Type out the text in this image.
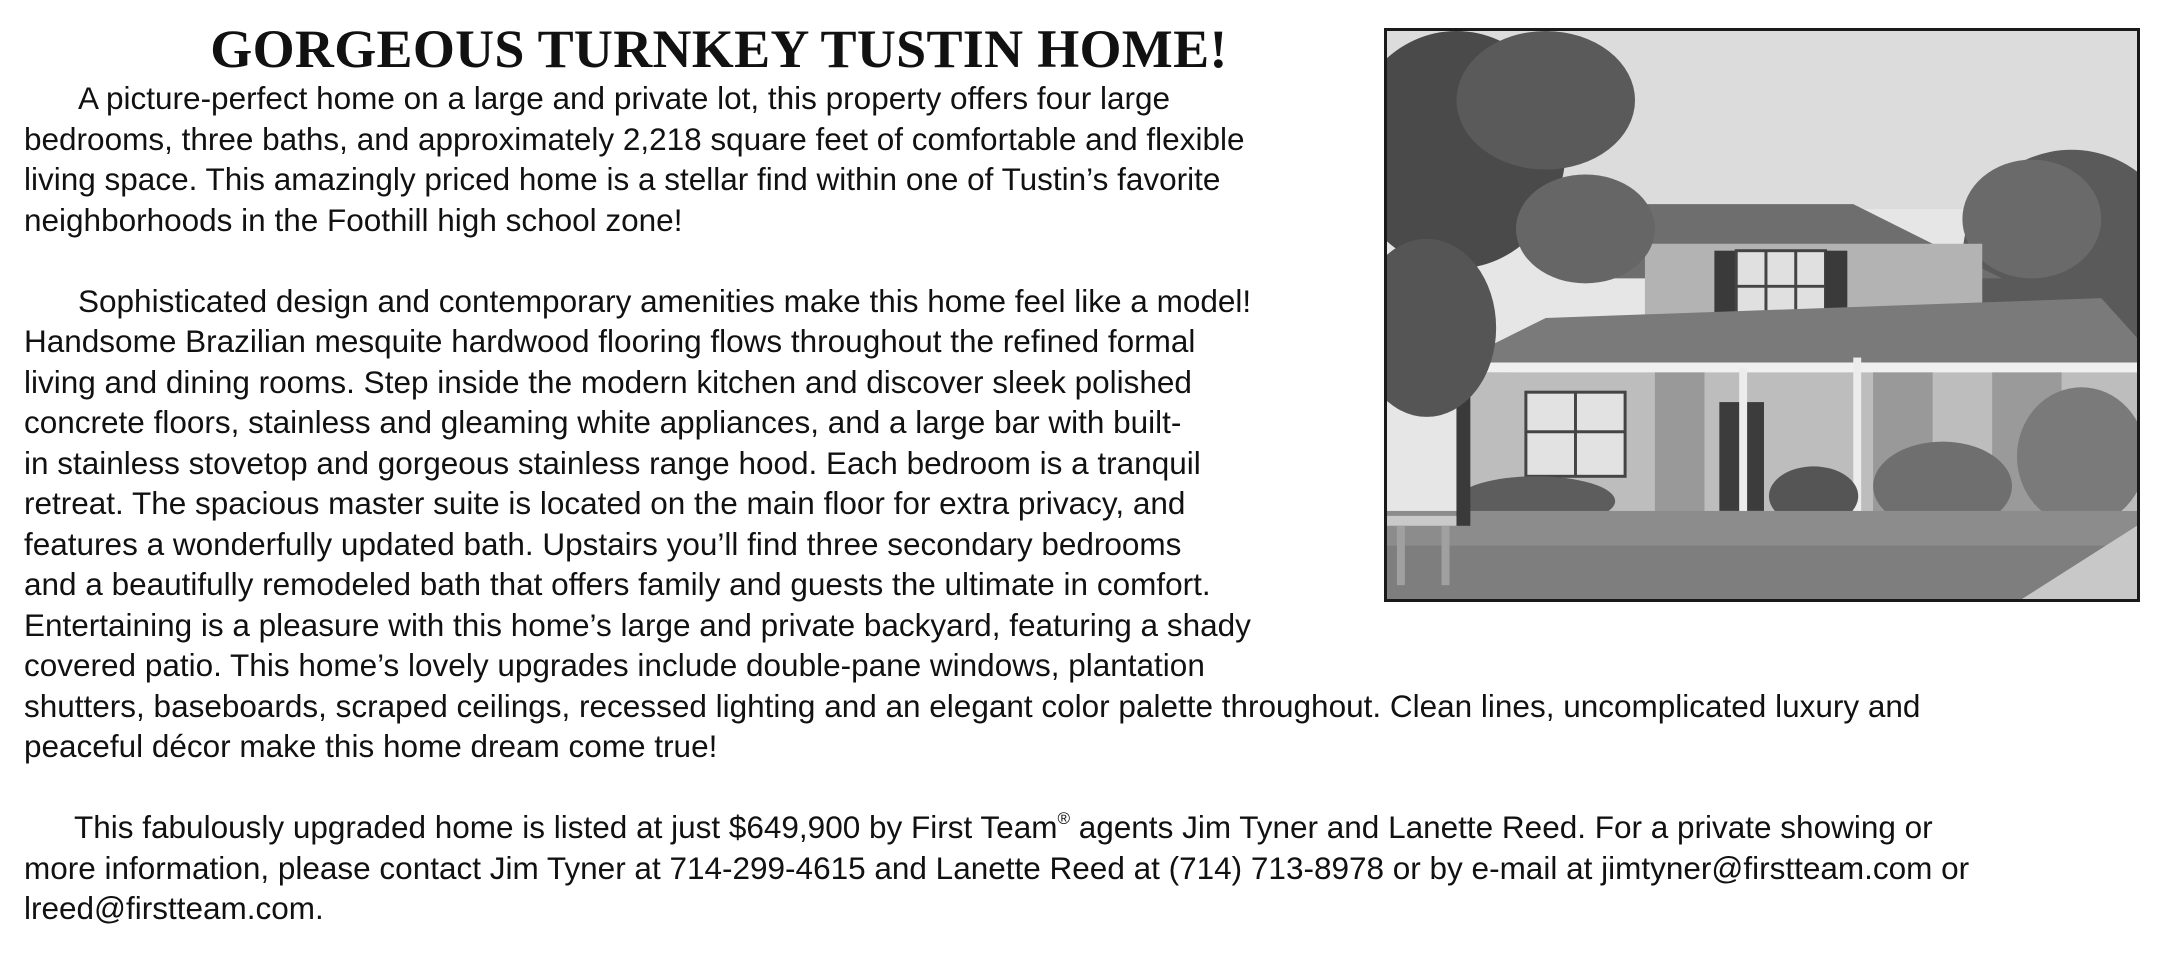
GORGEOUS TURNKEY TUSTIN HOME!

A picture-perfect home on a large and private lot, this property offers four large
bedrooms, three baths, and approximately 2,218 square feet of comfortable and flexible
living space. This amazingly priced home is a stellar find within one of Tustin’s favorite
neighborhoods in the Foothill high school zone!

Sophisticated design and contemporary amenities make this home feel like a model!
Handsome Brazilian mesquite hardwood flooring flows throughout the refined formal
living and dining rooms. Step inside the modern kitchen and discover sleek polished
concrete floors, stainless and gleaming white appliances, and a large bar with built-
in stainless stovetop and gorgeous stainless range hood. Each bedroom is a tranquil
retreat. The spacious master suite is located on the main floor for extra privacy, and
features a wonderfully updated bath. Upstairs you’ll find three secondary bedrooms
and a beautifully remodeled bath that offers family and guests the ultimate in comfort.
Entertaining is a pleasure with this home’s large and private backyard, featuring a shady
covered patio. This home’s lovely upgrades include double-pane windows, plantation
shutters, baseboards, scraped ceilings, recessed lighting and an elegant color palette throughout. Clean lines, uncomplicated luxury and
peaceful décor make this home dream come true!

This fabulously upgraded home is listed at just $649,900 by First Team® agents Jim Tyner and Lanette Reed. For a private showing or
more information, please contact Jim Tyner at 714-299-4615 and Lanette Reed at (714) 713-8978 or by e-mail at jimtyner@firstteam.com or
lreed@firstteam.com.
